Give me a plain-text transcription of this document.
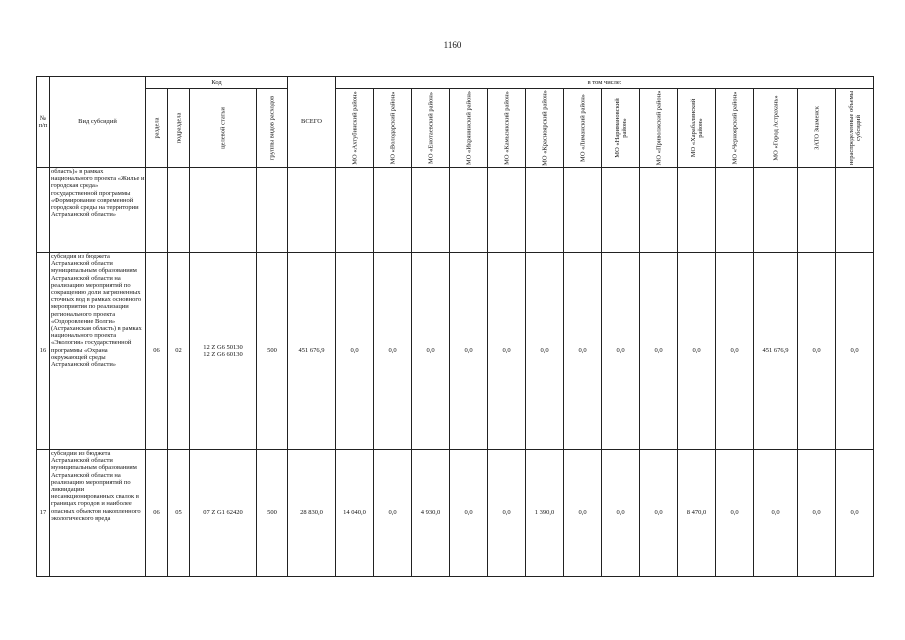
1160
№ п/п	Вид субсидий	Код				ВСЕГО	в том числе:													

		раздела	подраздела	целевой статьи	группы видов расходов		МО «Ахтубинский район»	МО «Володарский район»	МО «Енотаевский район»	МО «Икрянинский район»	МО «Камызякский район»	МО «Красноярский район»	МО «Лиманский район»	МО «Наримановский район»	МО «Приволжский район»	МО «Харабалинский район»	МО «Черноярский район»	МО «Город Астрахань»	ЗАТО Знаменск	нераспределенные объемы субсидий

	область)» в рамках национального проекта «Жилье и городская среда» государственной программы «Формирование современной городской среды на территории Астраханской области»																			
16	субсидия из бюджета Астраханской области муниципальным образованиям Астраханской области на реализацию мероприятий по сокращению доли загрязненных сточных вод в рамках основного мероприятия по реализации регионального проекта «Оздоровление Волги» (Астраханская область) в рамках национального проекта «Экология» государственной программы «Охрана окружающей среды Астраханской области»	06	02	12 Z G6 50130
12 Z G6 60130	500	451 676,9	0,0	0,0	0,0	0,0	0,0	0,0	0,0	0,0	0,0	0,0	0,0	451 676,9	0,0	0,0
17	субсидии из бюджета Астраханской области муниципальным образованиям Астраханской области на реализацию мероприятий по ликвидации несанкционированных свалок в границах городов и наиболее опасных объектов накопленного экологического вреда	06	05	07 Z G1 62420	500	28 830,0	14 040,0	0,0	4 930,0	0,0	0,0	1 390,0	0,0	0,0	0,0	8 470,0	0,0	0,0	0,0	0,0
